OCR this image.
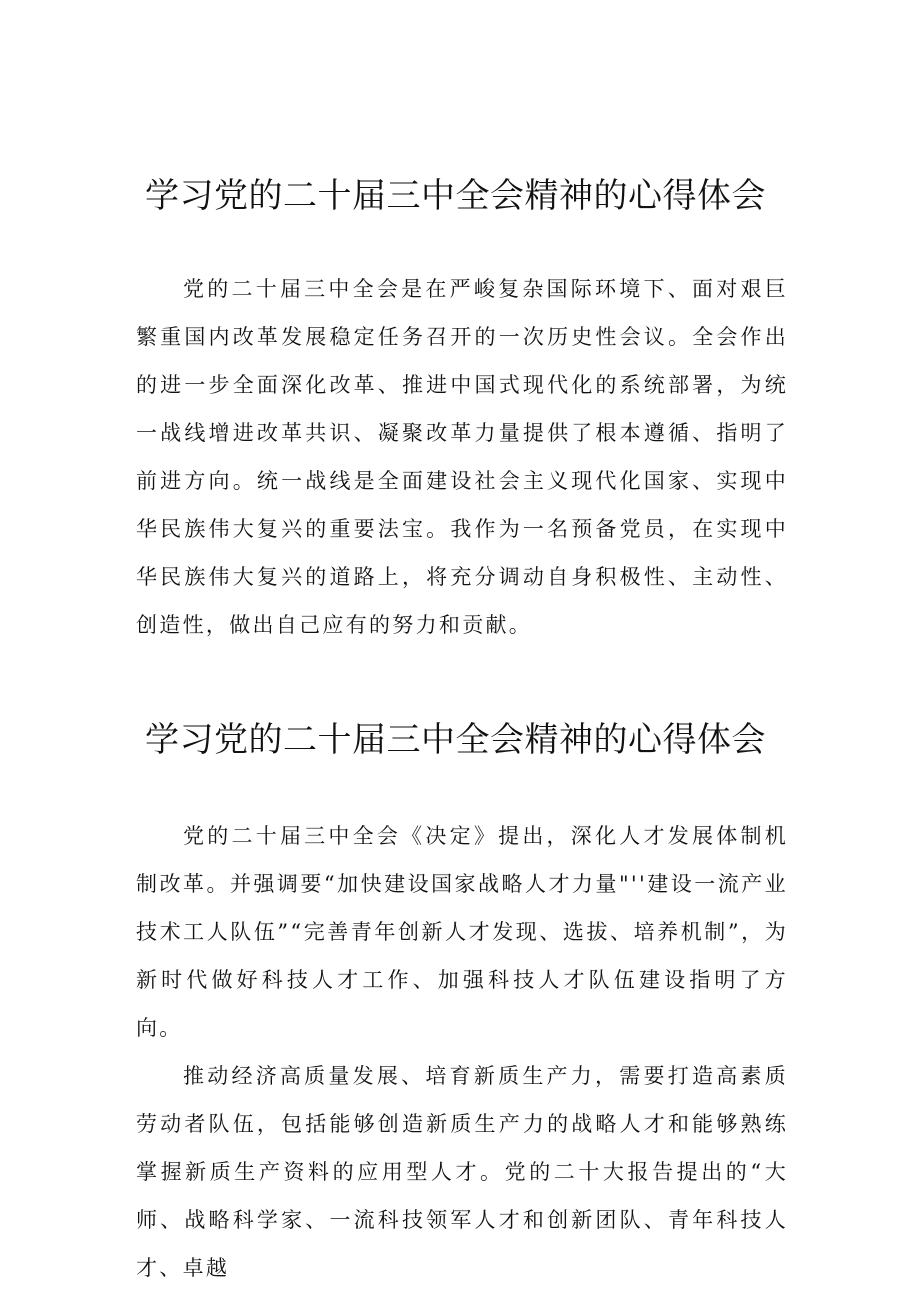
学习党的二十届三中全会精神的心得体会

党的二十届三中全会是在严峻复杂国际环境下、面对艰巨繁重国内改革发展稳定任务召开的一次历史性会议。全会作出的进一步全面深化改革、推进中国式现代化的系统部署，为统一战线增进改革共识、凝聚改革力量提供了根本遵循、指明了前进方向。统一战线是全面建设社会主义现代化国家、实现中华民族伟大复兴的重要法宝。我作为一名预备党员，在实现中华民族伟大复兴的道路上，将充分调动自身积极性、主动性、创造性，做出自己应有的努力和贡献。

学习党的二十届三中全会精神的心得体会

党的二十届三中全会《决定》提出，深化人才发展体制机制改革。并强调要“加快建设国家战略人才力量"''建设一流产业技术工人队伍”“完善青年创新人才发现、选拔、培养机制”，为新时代做好科技人才工作、加强科技人才队伍建设指明了方向。

推动经济高质量发展、培育新质生产力，需要打造高素质劳动者队伍，包括能够创造新质生产力的战略人才和能够熟练掌握新质生产资料的应用型人才。党的二十大报告提出的“大师、战略科学家、一流科技领军人才和创新团队、青年科技人才、卓越
